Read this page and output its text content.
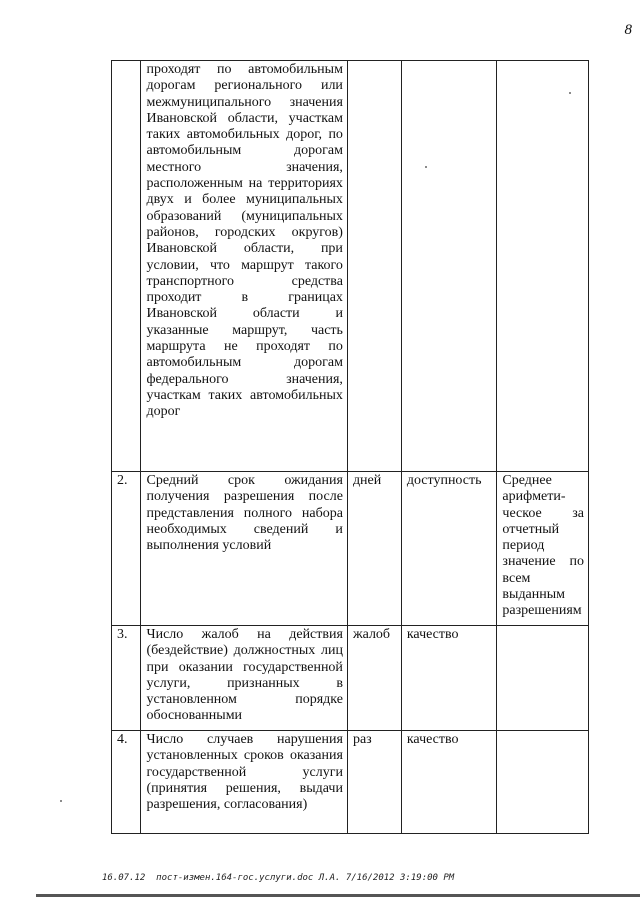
8
	проходят по автомобильным дорогам регионального или межмуниципального значения Ивановской области, участкам таких автомобильных дорог, по автомобильным дорогам местного значения, расположенным на территориях двух и более муниципальных образований (муниципальных районов, городских округов) Ивановской области, при условии, что маршрут такого транспортного средства проходит в границах Ивановской области и указанные маршрут, часть маршрута не проходят по автомобильным дорогам федерального значения, участкам таких автомобильных дорог			
2.	Средний срок ожидания получения разрешения после представления полного набора необходимых сведений и выполнения условий	дней	доступность	Среднее арифмети-ческое за отчетный период значение по всем выданным разрешениям
3.	Число жалоб на действия (бездействие) должностных лиц при оказании государственной услуги, признанных в установленном порядке обоснованными	жалоб	качество	
4.	Число случаев нарушения установленных сроков оказания государственной услуги (принятия решения, выдачи разрешения, согласования)	раз	качество	
16.07.12  пост-измен.164-гос.услуги.doc Л.А. 7/16/2012 3:19:00 PM
